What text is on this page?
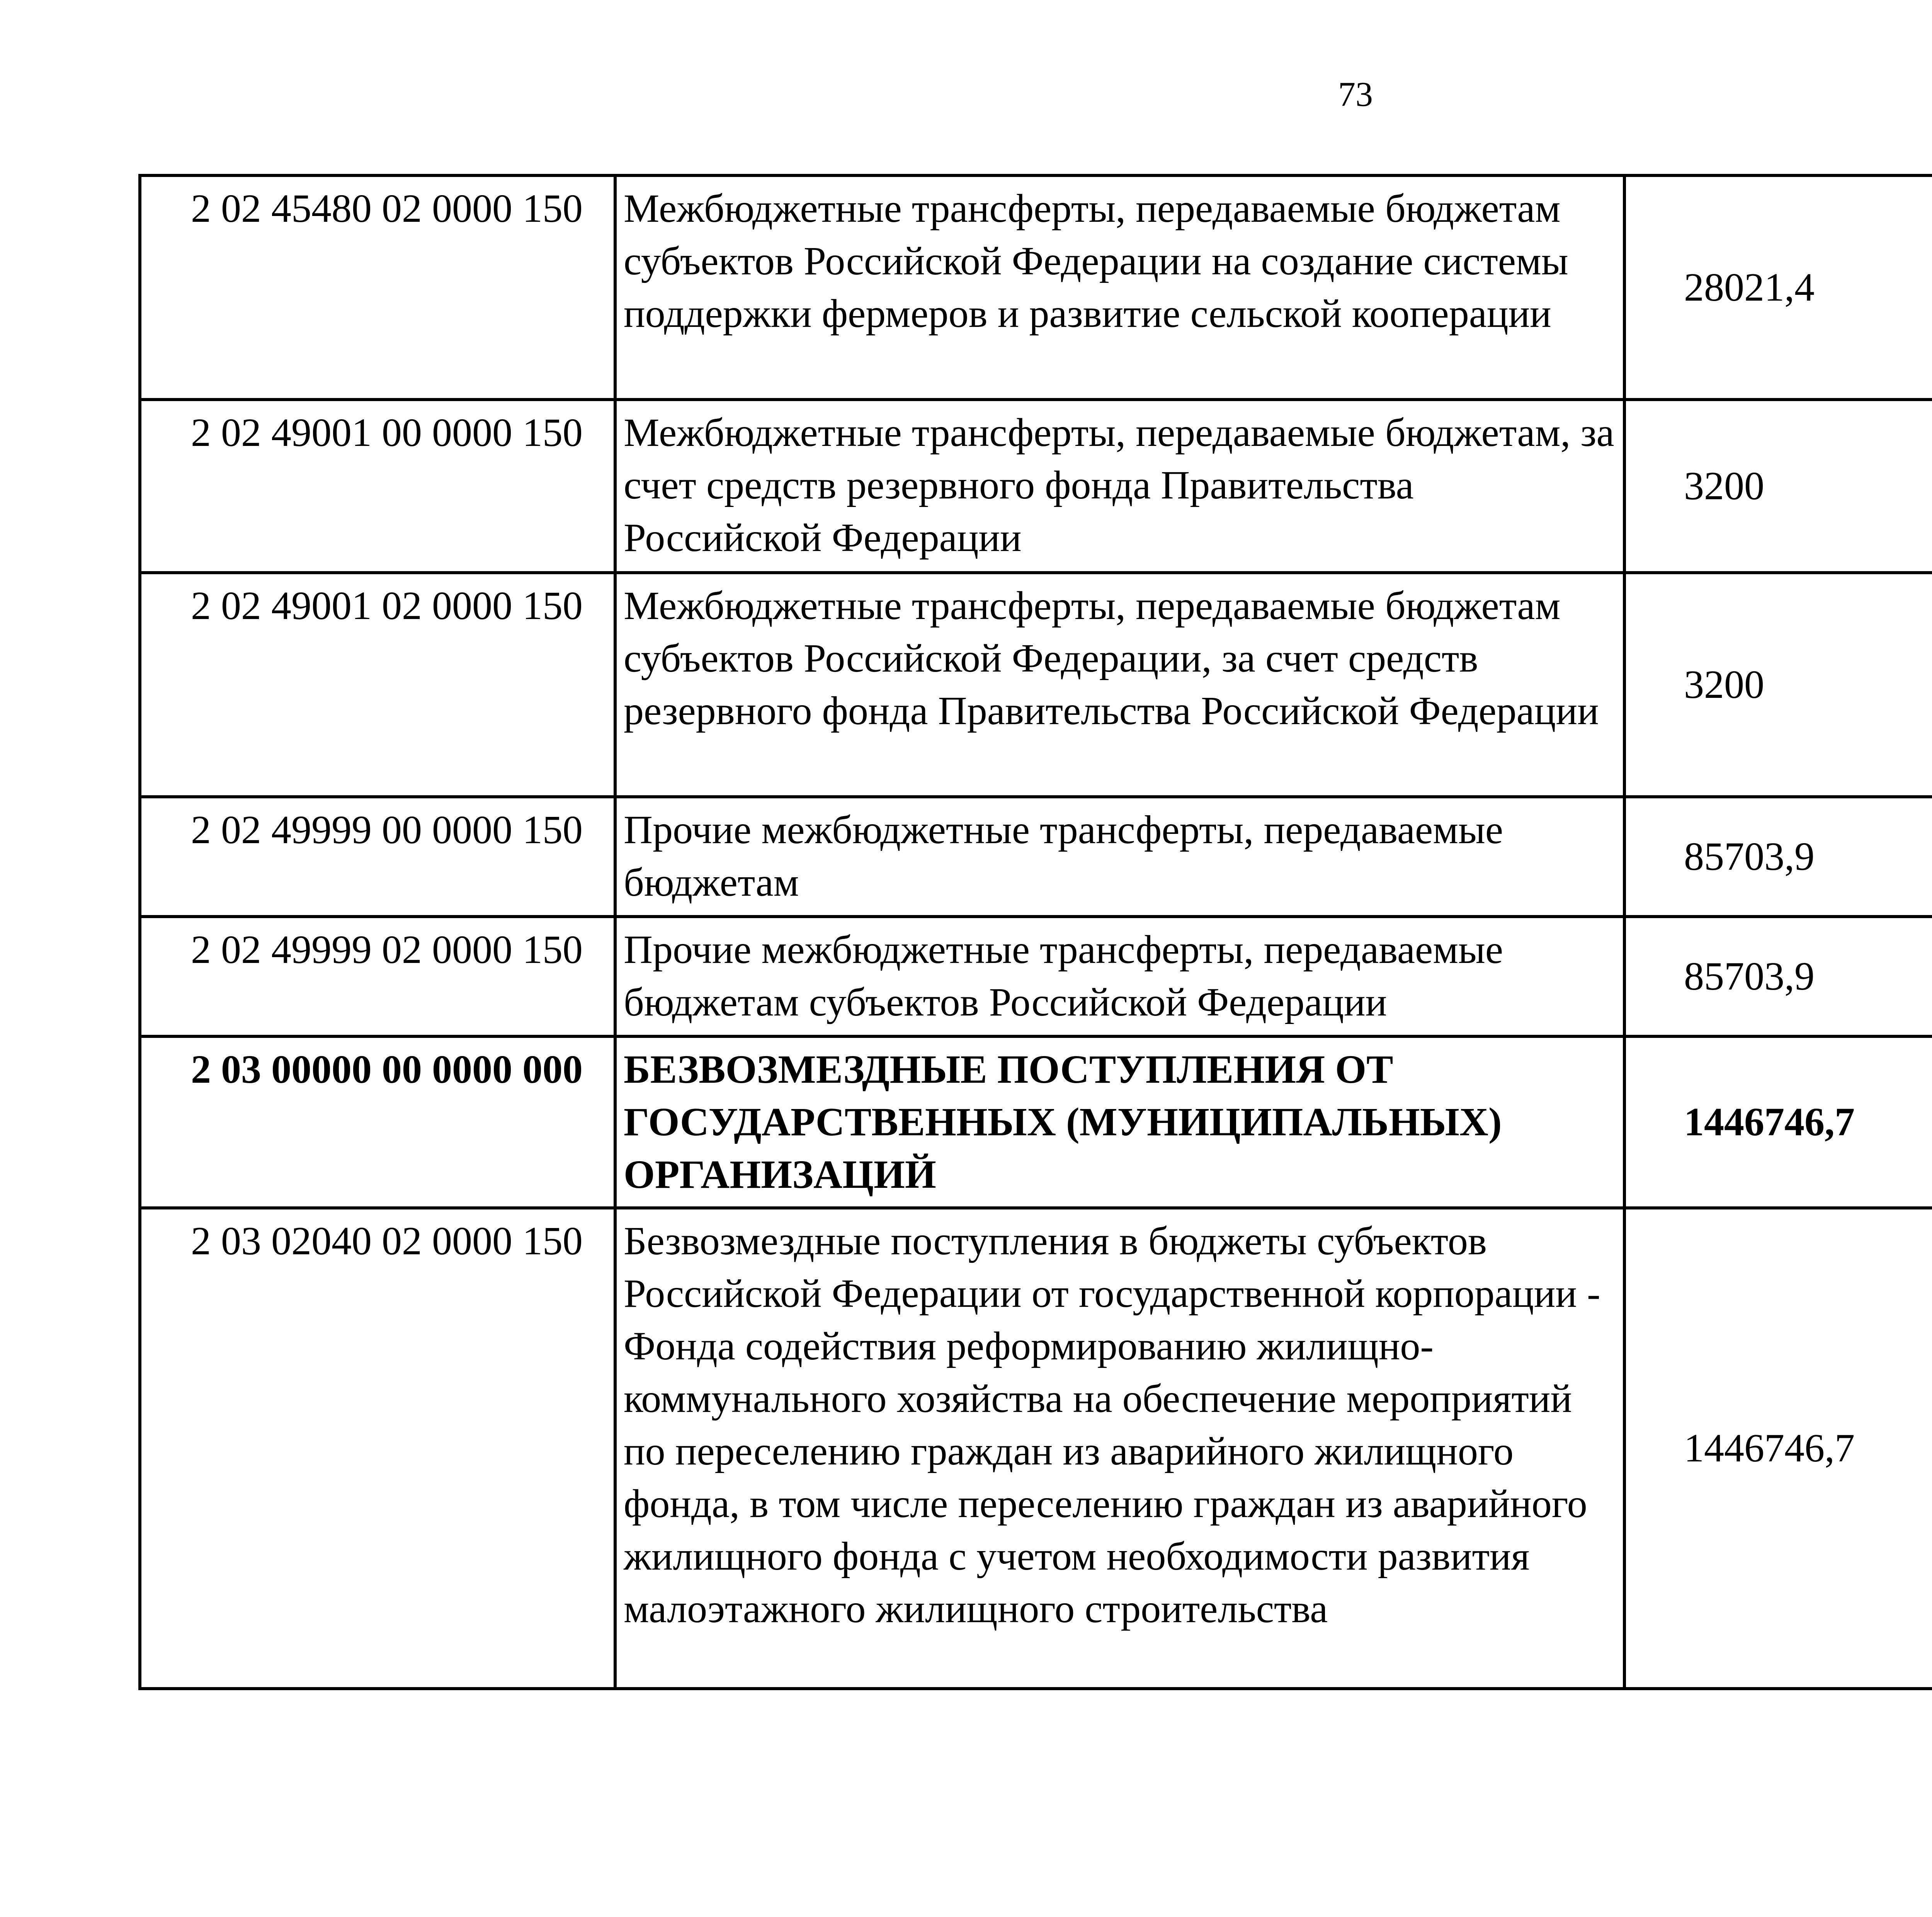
73
2 02 45480 02 0000 150	Межбюджетные трансферты, передаваемые бюджетам субъектов Российской Федерации на создание системы поддержки фермеров и развитие сельской кооперации	28021,4		
2 02 49001 00 0000 150	Межбюджетные трансферты, передаваемые бюджетам, за счет средств резервного фонда Правительства Российской Федерации	3200		
2 02 49001 02 0000 150	Межбюджетные трансферты, передаваемые бюджетам субъектов Российской Федерации, за счет средств резервного фонда Правительства Российской Федерации	3200		
2 02 49999 00 0000 150	Прочие межбюджетные трансферты, передаваемые бюджетам	85703,9		
2 02 49999 02 0000 150	Прочие межбюджетные трансферты, передаваемые бюджетам субъектов Российской Федерации	85703,9		
2 03 00000 00 0000 000	БЕЗВОЗМЕЗДНЫЕ ПОСТУПЛЕНИЯ ОТ ГОСУДАРСТВЕННЫХ (МУНИЦИПАЛЬНЫХ) ОРГАНИЗАЦИЙ	1446746,7		
2 03 02040 02 0000 150	Безвозмездные поступления в бюджеты субъектов Российской Федерации от государственной корпорации - Фонда содействия реформированию жилищно-коммунального хозяйства на обеспечение мероприятий по переселению граждан из аварийного жилищного фонда, в том числе переселению граждан из аварийного жилищного фонда с учетом необходимости развития малоэтажного жилищного строительства	1446746,7		
